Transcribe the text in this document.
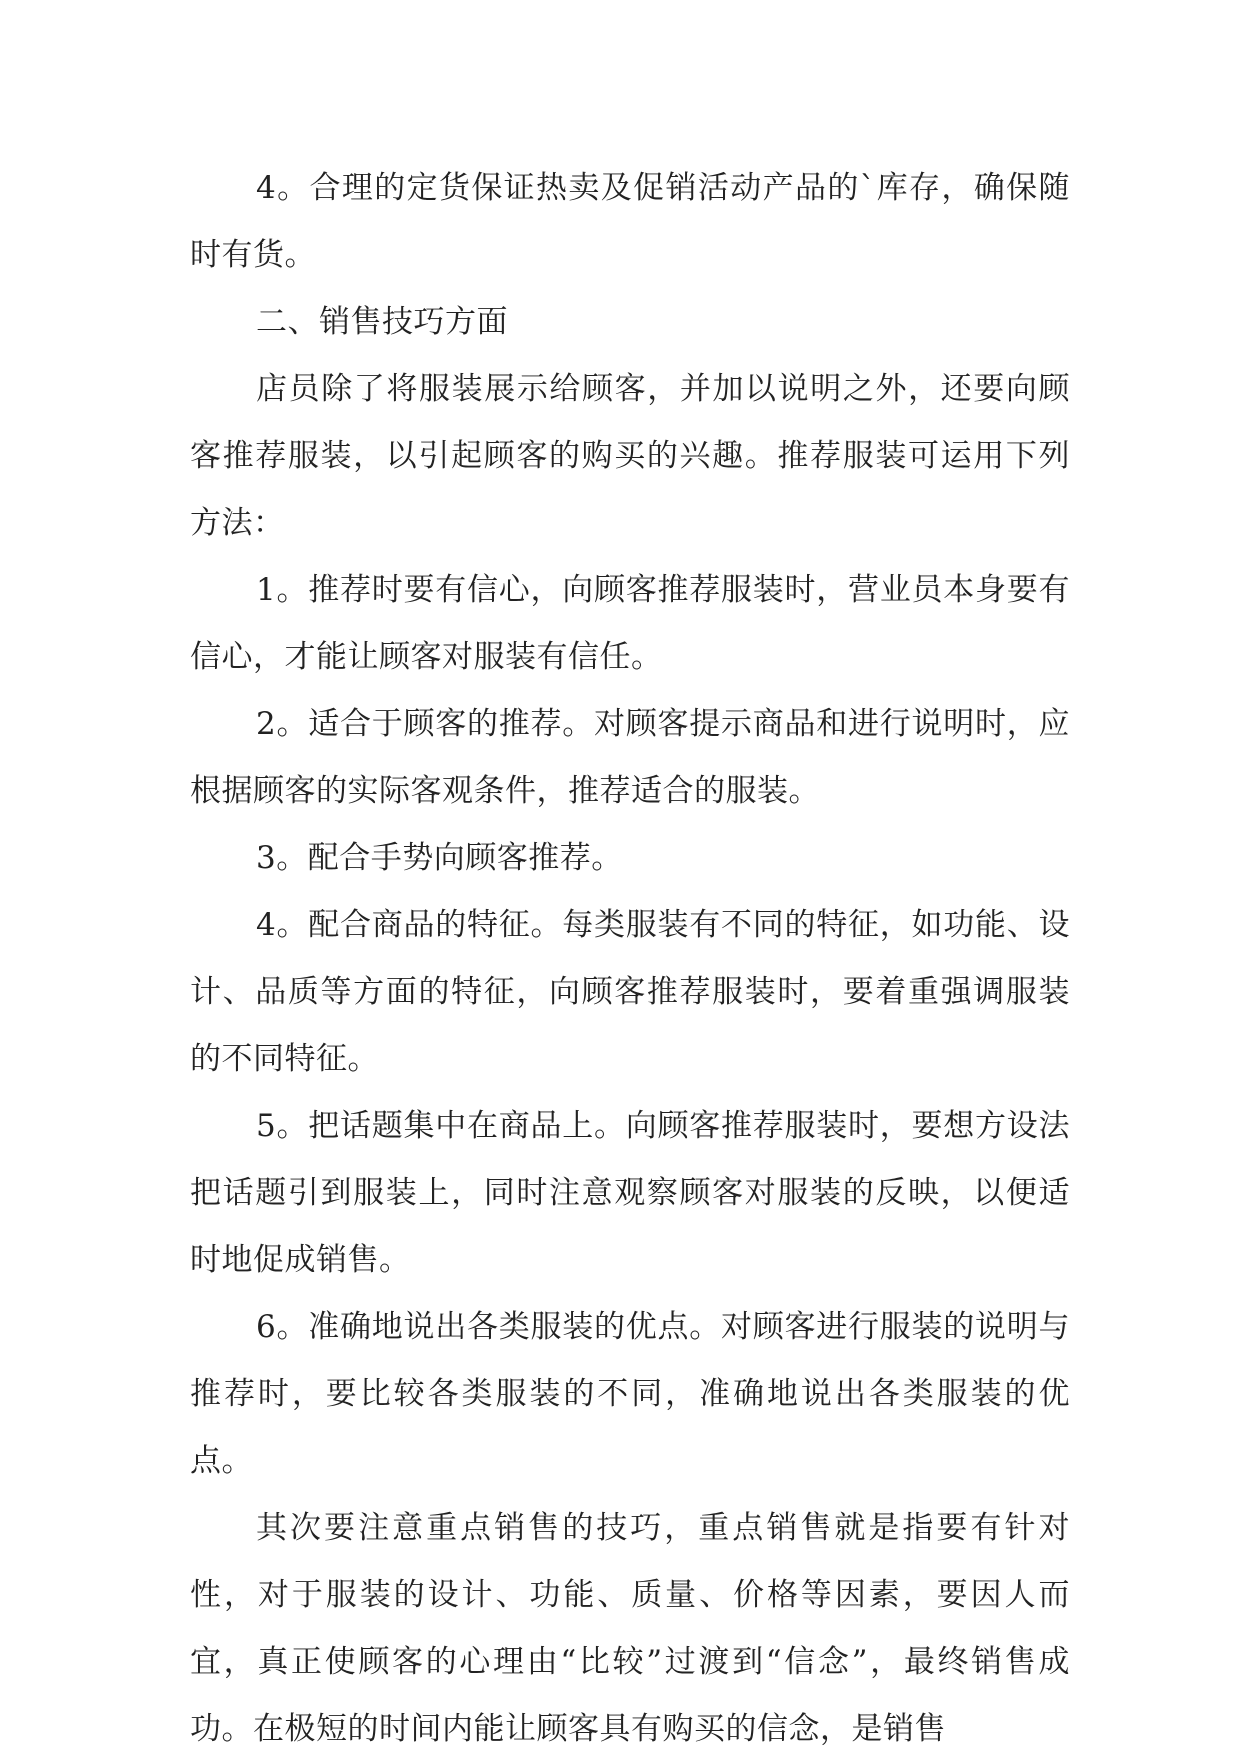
4。合理的定货保证热卖及促销活动产品的`库存，确保随时有货。

二、销售技巧方面

店员除了将服装展示给顾客，并加以说明之外，还要向顾客推荐服装，以引起顾客的购买的兴趣。推荐服装可运用下列方法：

1。推荐时要有信心，向顾客推荐服装时，营业员本身要有信心，才能让顾客对服装有信任。

2。适合于顾客的推荐。对顾客提示商品和进行说明时，应根据顾客的实际客观条件，推荐适合的服装。

3。配合手势向顾客推荐。

4。配合商品的特征。每类服装有不同的特征，如功能、设计、品质等方面的特征，向顾客推荐服装时，要着重强调服装的不同特征。

5。把话题集中在商品上。向顾客推荐服装时，要想方设法把话题引到服装上，同时注意观察顾客对服装的反映，以便适时地促成销售。

6。准确地说出各类服装的优点。对顾客进行服装的说明与推荐时，要比较各类服装的不同，准确地说出各类服装的优点。

其次要注意重点销售的技巧，重点销售就是指要有针对性，对于服装的设计、功能、质量、价格等因素，要因人而宜，真正使顾客的心理由“比较”过渡到“信念”，最终销售成功。在极短的时间内能让顾客具有购买的信念，是销售
